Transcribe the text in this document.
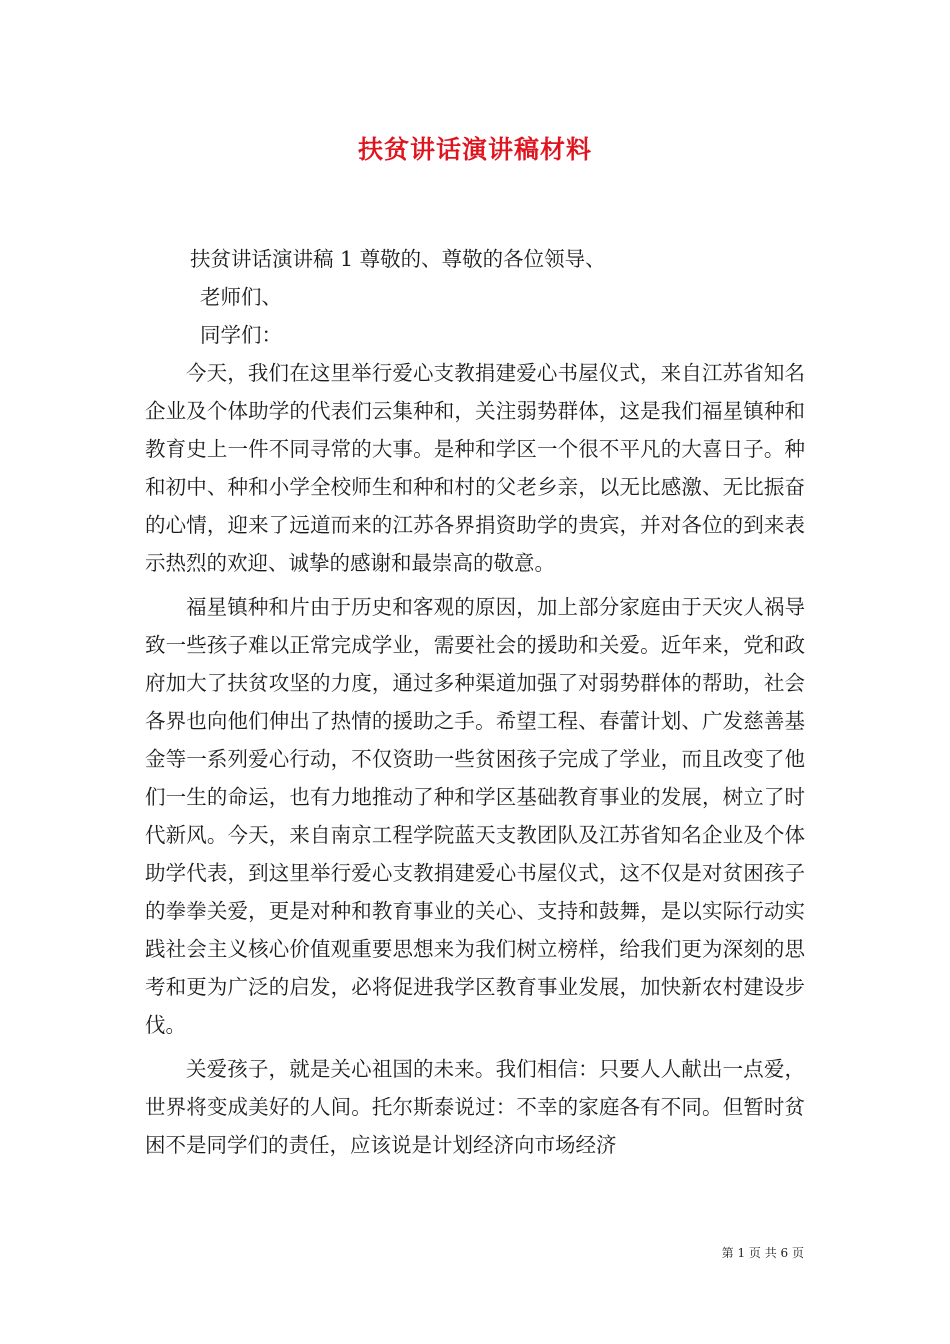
扶贫讲话演讲稿材料
扶贫讲话演讲稿 1 尊敬的、尊敬的各位领导、
老师们、
同学们：
今天，我们在这里举行爱心支教捐建爱心书屋仪式，来自江苏省知名企业及个体助学的代表们云集种和，关注弱势群体，这是我们福星镇种和教育史上一件不同寻常的大事。是种和学区一个很不平凡的大喜日子。种和初中、种和小学全校师生和种和村的父老乡亲，以无比感激、无比振奋的心情，迎来了远道而来的江苏各界捐资助学的贵宾，并对各位的到来表示热烈的欢迎、诚挚的感谢和最崇高的敬意。
福星镇种和片由于历史和客观的原因，加上部分家庭由于天灾人祸导致一些孩子难以正常完成学业，需要社会的援助和关爱。近年来，党和政府加大了扶贫攻坚的力度，通过多种渠道加强了对弱势群体的帮助，社会各界也向他们伸出了热情的援助之手。希望工程、春蕾计划、广发慈善基金等一系列爱心行动，不仅资助一些贫困孩子完成了学业，而且改变了他们一生的命运，也有力地推动了种和学区基础教育事业的发展，树立了时代新风。今天，来自南京工程学院蓝天支教团队及江苏省知名企业及个体助学代表，到这里举行爱心支教捐建爱心书屋仪式，这不仅是对贫困孩子的拳拳关爱，更是对种和教育事业的关心、支持和鼓舞，是以实际行动实践社会主义核心价值观重要思想来为我们树立榜样，给我们更为深刻的思考和更为广泛的启发，必将促进我学区教育事业发展，加快新农村建设步伐。
关爱孩子，就是关心祖国的未来。我们相信：只要人人献出一点爱，世界将变成美好的人间。托尔斯泰说过：不幸的家庭各有不同。但暂时贫困不是同学们的责任，应该说是计划经济向市场经济
第 1 页 共 6 页
